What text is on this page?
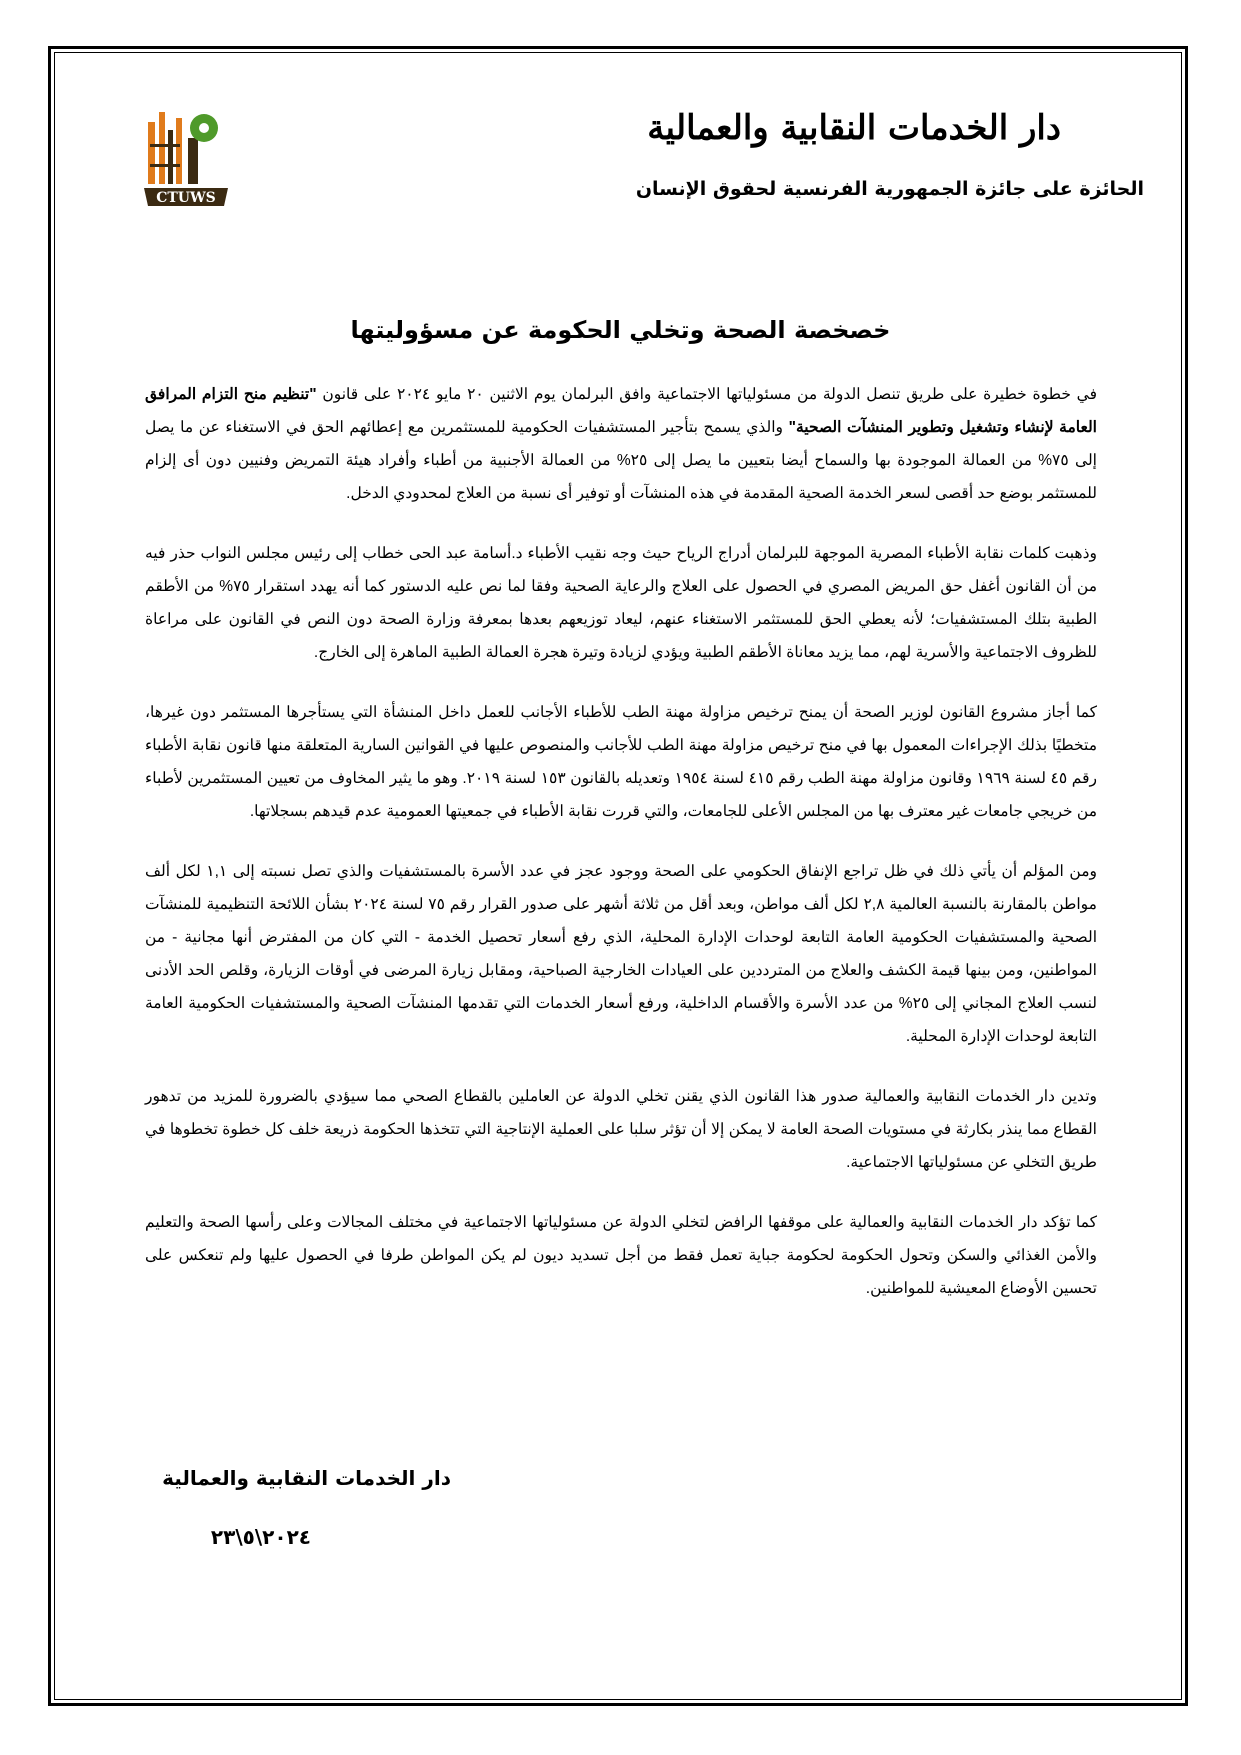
CTUWS
دار الخدمات النقابية والعمالية

الحائزة على جائزة الجمهورية الفرنسية لحقوق الإنسان

خصخصة الصحة وتخلي الحكومة عن مسؤوليتها

في خطوة خطيرة على طريق تنصل الدولة من مسئولياتها الاجتماعية وافق البرلمان يوم الاثنين ٢٠ مايو ٢٠٢٤ على قانون "تنظيم منح التزام المرافق العامة لإنشاء وتشغيل وتطوير المنشآت الصحية" والذي يسمح بتأجير المستشفيات الحكومية للمستثمرين مع إعطائهم الحق في الاستغناء عن ما يصل إلى ٧٥% من العمالة الموجودة بها والسماح أيضا بتعيين ما يصل إلى ٢٥% من العمالة الأجنبية من أطباء وأفراد هيئة التمريض وفنيين دون أى إلزام للمستثمر بوضع حد أقصى لسعر الخدمة الصحية المقدمة في هذه المنشآت أو توفير أى نسبة من العلاج لمحدودي الدخل.

وذهبت كلمات نقابة الأطباء المصرية الموجهة للبرلمان أدراج الرياح حيث وجه نقيب الأطباء د.أسامة عبد الحى خطاب إلى رئيس مجلس النواب حذر فيه من أن القانون أغفل حق المريض المصري في الحصول على العلاج والرعاية الصحية وفقا لما نص عليه الدستور كما أنه يهدد استقرار ٧٥% من الأطقم الطبية بتلك المستشفيات؛ لأنه يعطي الحق للمستثمر الاستغناء عنهم، ليعاد توزيعهم بعدها بمعرفة وزارة الصحة دون النص في القانون على مراعاة للظروف الاجتماعية والأسرية لهم، مما يزيد معاناة الأطقم الطبية ويؤدي لزيادة وتيرة هجرة العمالة الطبية الماهرة إلى الخارج.

كما أجاز مشروع القانون لوزير الصحة أن يمنح ترخيص مزاولة مهنة الطب للأطباء الأجانب للعمل داخل المنشأة التي يستأجرها المستثمر دون غيرها، متخطيًا بذلك الإجراءات المعمول بها في منح ترخيص مزاولة مهنة الطب للأجانب والمنصوص عليها في القوانين السارية المتعلقة منها قانون نقابة الأطباء رقم ٤٥ لسنة ١٩٦٩ وقانون مزاولة مهنة الطب رقم ٤١٥ لسنة ١٩٥٤ وتعديله بالقانون ١٥٣ لسنة ٢٠١٩. وهو ما يثير المخاوف من تعيين المستثمرين لأطباء من خريجي جامعات غير معترف بها من المجلس الأعلى للجامعات، والتي قررت نقابة الأطباء في جمعيتها العمومية عدم قيدهم بسجلاتها.

ومن المؤلم أن يأتي ذلك في ظل تراجع الإنفاق الحكومي على الصحة ووجود عجز في عدد الأسرة بالمستشفيات والذي تصل نسبته إلى ١,١ لكل ألف مواطن بالمقارنة بالنسبة العالمية ٢,٨ لكل ألف مواطن، وبعد أقل من ثلاثة أشهر على صدور القرار رقم ٧٥ لسنة ٢٠٢٤ بشأن اللائحة التنظيمية للمنشآت الصحية والمستشفيات الحكومية العامة التابعة لوحدات الإدارة المحلية، الذي رفع أسعار تحصيل الخدمة - التي كان من المفترض أنها مجانية - من المواطنين، ومن بينها قيمة الكشف والعلاج من المترددين على العيادات الخارجية الصباحية، ومقابل زيارة المرضى في أوقات الزيارة، وقلص الحد الأدنى لنسب العلاج المجاني إلى ٢٥% من عدد الأسرة والأقسام الداخلية، ورفع أسعار الخدمات التي تقدمها المنشآت الصحية والمستشفيات الحكومية العامة التابعة لوحدات الإدارة المحلية.

وتدين دار الخدمات النقابية والعمالية صدور هذا القانون الذي يقنن تخلي الدولة عن العاملين بالقطاع الصحي مما سيؤدي بالضرورة للمزيد من تدهور القطاع مما ينذر بكارثة في مستويات الصحة العامة لا يمكن إلا أن تؤثر سلبا على العملية الإنتاجية التي تتخذها الحكومة ذريعة خلف كل خطوة تخطوها في طريق التخلي عن مسئولياتها الاجتماعية.

كما تؤكد دار الخدمات النقابية والعمالية على موقفها الرافض لتخلي الدولة عن مسئولياتها الاجتماعية في مختلف المجالات وعلى رأسها الصحة والتعليم والأمن الغذائي والسكن وتحول الحكومة لحكومة جباية تعمل فقط من أجل تسديد ديون لم يكن المواطن طرفا في الحصول عليها ولم تنعكس على تحسين الأوضاع المعيشية للمواطنين.

دار الخدمات النقابية والعمالية

٢٠٢٤\٥\٢٣
